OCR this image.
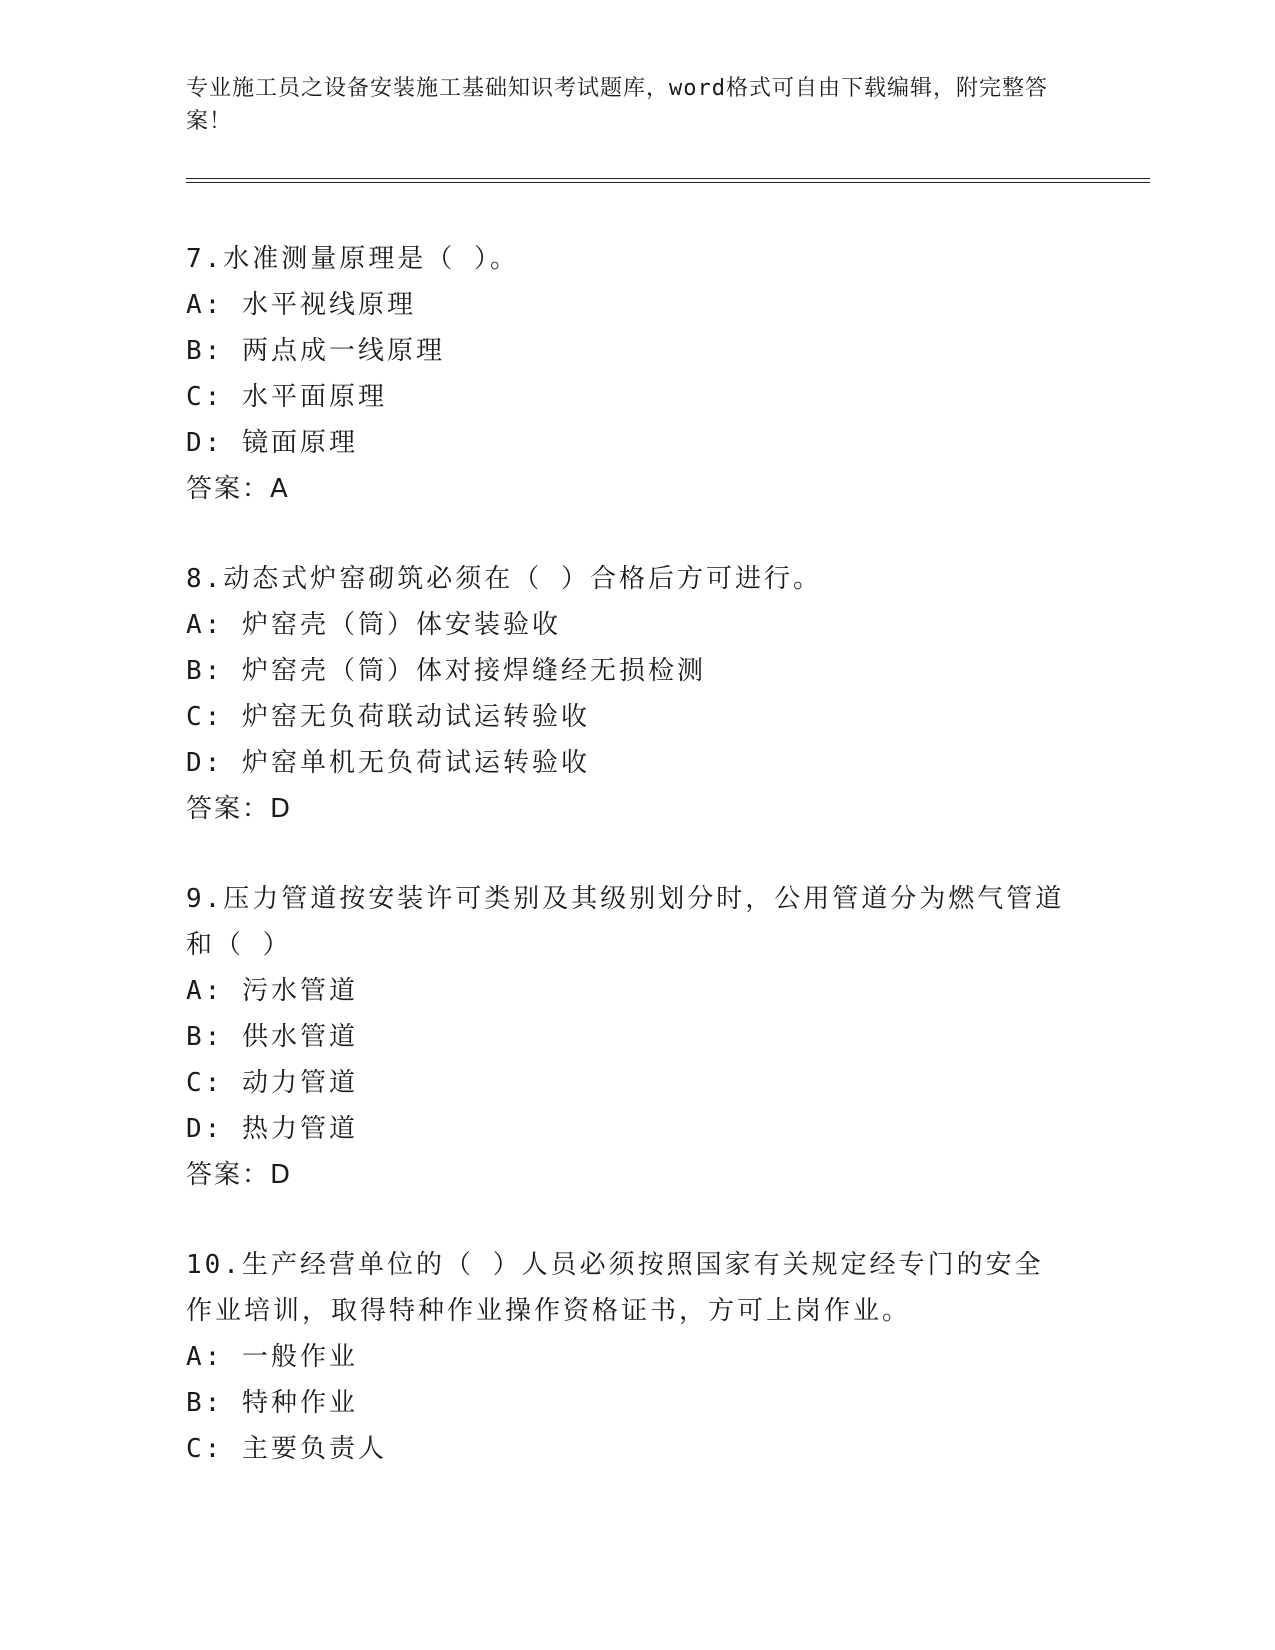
专业施工员之设备安装施工基础知识考试题库，word格式可自由下载编辑，附完整答案！

7.水准测量原理是（ ）。

A: 水平视线原理

B: 两点成一线原理

C: 水平面原理

D: 镜面原理

答案：A

8.动态式炉窑砌筑必须在（ ）合格后方可进行。

A: 炉窑壳（筒）体安装验收

B: 炉窑壳（筒）体对接焊缝经无损检测

C: 炉窑无负荷联动试运转验收

D: 炉窑单机无负荷试运转验收

答案：D

9.压力管道按安装许可类别及其级别划分时，公用管道分为燃气管道和（ ）

A: 污水管道

B: 供水管道

C: 动力管道

D: 热力管道

答案：D

10.生产经营单位的（ ）人员必须按照国家有关规定经专门的安全作业培训，取得特种作业操作资格证书，方可上岗作业。

A: 一般作业

B: 特种作业

C: 主要负责人
